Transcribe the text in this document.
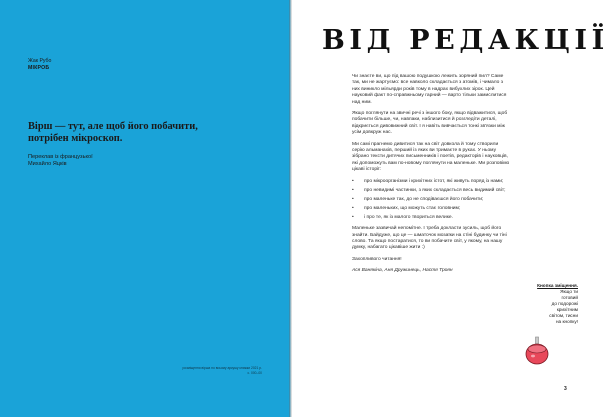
Жак Рубо
МІКРОБ
Вірш — тут, але щоб його побачити,
потрібен мікроскоп.
Переклав із французької
Михайло Яцків
розміщення вірша по всьому аркушу книжки 2021 р.
с. 000–00
ВІД РЕДАКЦІЇ

Чи знаєте ви, що під вашою подушкою лежить зоряний пил? Саме так, ми не жартуємо: все навколо складається з атомів, і чимало з них виникло мільярди років тому в надрах вибухлих зірок. Цей науковий факт по-справжньому гарний — варто тільки замислитися над ним.

Якщо поглянути на звичні речі з іншого боку, якщо відважитися, щоб побачити більше, чи, навпаки, наблизитися й розгледіти деталі, відкриється дивовижний світ. І я навіть вивчається тонкі зв'язки між усім довкруж нас.

Ми самі прагнемо дивитися так на світ довкола й тому створили серію альманахів, перший із яких ви тримаєте в руках. У ньому зібрано тексти дитячих письменників і поетів, редакторів і науковців, які допоможуть вам по-новому поглянути на маленьке. Ми розповімо цікаві історії:

•	про мікроорганізми і крихітних істот, які живуть поряд із нами;
•	про невидимі частинки, з яких складається весь видимий світ;
•	про маленьке так, до не сподіваєшся його побачити;
•	про маленьких, що можуть стає головним;
•	і про те, як із малого твориться велике.

Маленьке зазвичай непомітне. І треба докласти зусиль, щоб його знайти. Байдуже, що це — шматочок мозаїки на стіні будинку чи тіні слово. Та якщо постаратися, то ви побачите світ, у якому, на нашу думку, набагато цікавіше жити :)

Захопливого читання!

Ася Ванякіна, Аня Дружинець, Настя Троян

Кнопка зміщення.
Якщо ти
готовий
до подорожі
крихітним
світом, тисни
на кнопку!
3
